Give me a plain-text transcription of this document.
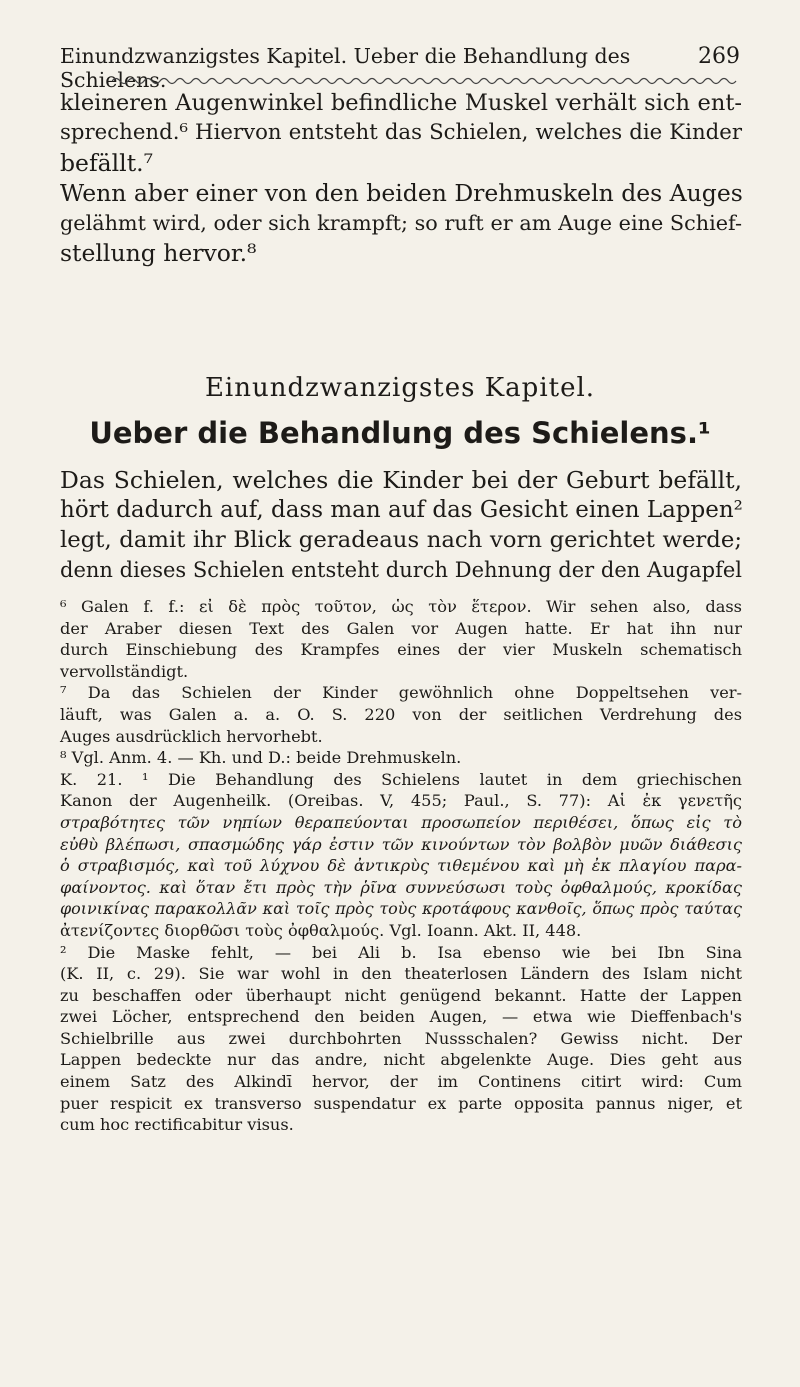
Einundzwanzigstes Kapitel. Ueber die Behandlung des Schielens.
269
kleineren Augenwinkel befindliche Muskel verhält sich ent-
sprechend.⁶ Hiervon entsteht das Schielen, welches die Kinder
befällt.⁷
Wenn aber einer von den beiden Drehmuskeln des Auges
gelähmt wird, oder sich krampft; so ruft er am Auge eine Schief-
stellung hervor.⁸
Einundzwanzigstes Kapitel.
Ueber die Behandlung des Schielens.¹
Das Schielen, welches die Kinder bei der Geburt befällt,
hört dadurch auf, dass man auf das Gesicht einen Lappen²
legt, damit ihr Blick geradeaus nach vorn gerichtet werde;
denn dieses Schielen entsteht durch Dehnung der den Augapfel

⁶ Galen f. f.: εἰ δὲ πρὸς τοῦτον, ὡς τὸν ἕτερον. Wir sehen also, dass

der Araber diesen Text des Galen vor Augen hatte. Er hat ihn nur

durch Einschiebung des Krampfes eines der vier Muskeln schematisch

vervollständigt.

⁷ Da das Schielen der Kinder gewöhnlich ohne Doppeltsehen ver-

läuft, was Galen a. a. O. S. 220 von der seitlichen Verdrehung des

Auges ausdrücklich hervorhebt.

⁸ Vgl. Anm. 4. — Kh. und D.: beide Drehmuskeln.

K. 21. ¹ Die Behandlung des Schielens lautet in dem griechischen

Kanon der Augenheilk. (Oreibas. V, 455; Paul., S. 77): Αἱ ἐκ γενετῆς

στραβότητες τῶν νηπίων θεραπεύονται προσωπείον περιθέσει, ὅπως εἰς τὸ

εὐθὺ βλέπωσι, σπασμώδης γάρ ἐστιν τῶν κινούντων τὸν βολβὸν μυῶν διάθεσις

ὁ στραβισμός, καὶ τοῦ λύχνου δὲ ἀντικρὺς τιθεμένου καὶ μὴ ἐκ πλαγίου παρα-

φαίνοντος. καὶ ὅταν ἔτι πρὸς τὴν ῥῖνα συννεύσωσι τοὺς ὀφθαλμούς, κροκίδας

φοινικίνας παρακολλᾶν καὶ τοῖς πρὸς τοὺς κροτάφους κανθοῖς, ὅπως πρὸς ταύτας

ἀτενίζοντες διορθῶσι τοὺς ὀφθαλμούς. Vgl. Ioann. Akt. II, 448.

² Die Maske fehlt, — bei Ali b. Isa ebenso wie bei Ibn Sina

(K. II, c. 29). Sie war wohl in den theaterlosen Ländern des Islam nicht

zu beschaffen oder überhaupt nicht genügend bekannt. Hatte der Lappen

zwei Löcher, entsprechend den beiden Augen, — etwa wie Dieffenbach's

Schielbrille aus zwei durchbohrten Nussschalen? Gewiss nicht. Der

Lappen bedeckte nur das andre, nicht abgelenkte Auge. Dies geht aus

einem Satz des Alkindī hervor, der im Continens citirt wird: Cum

puer respicit ex transverso suspendatur ex parte opposita pannus niger, et

cum hoc rectificabitur visus.
